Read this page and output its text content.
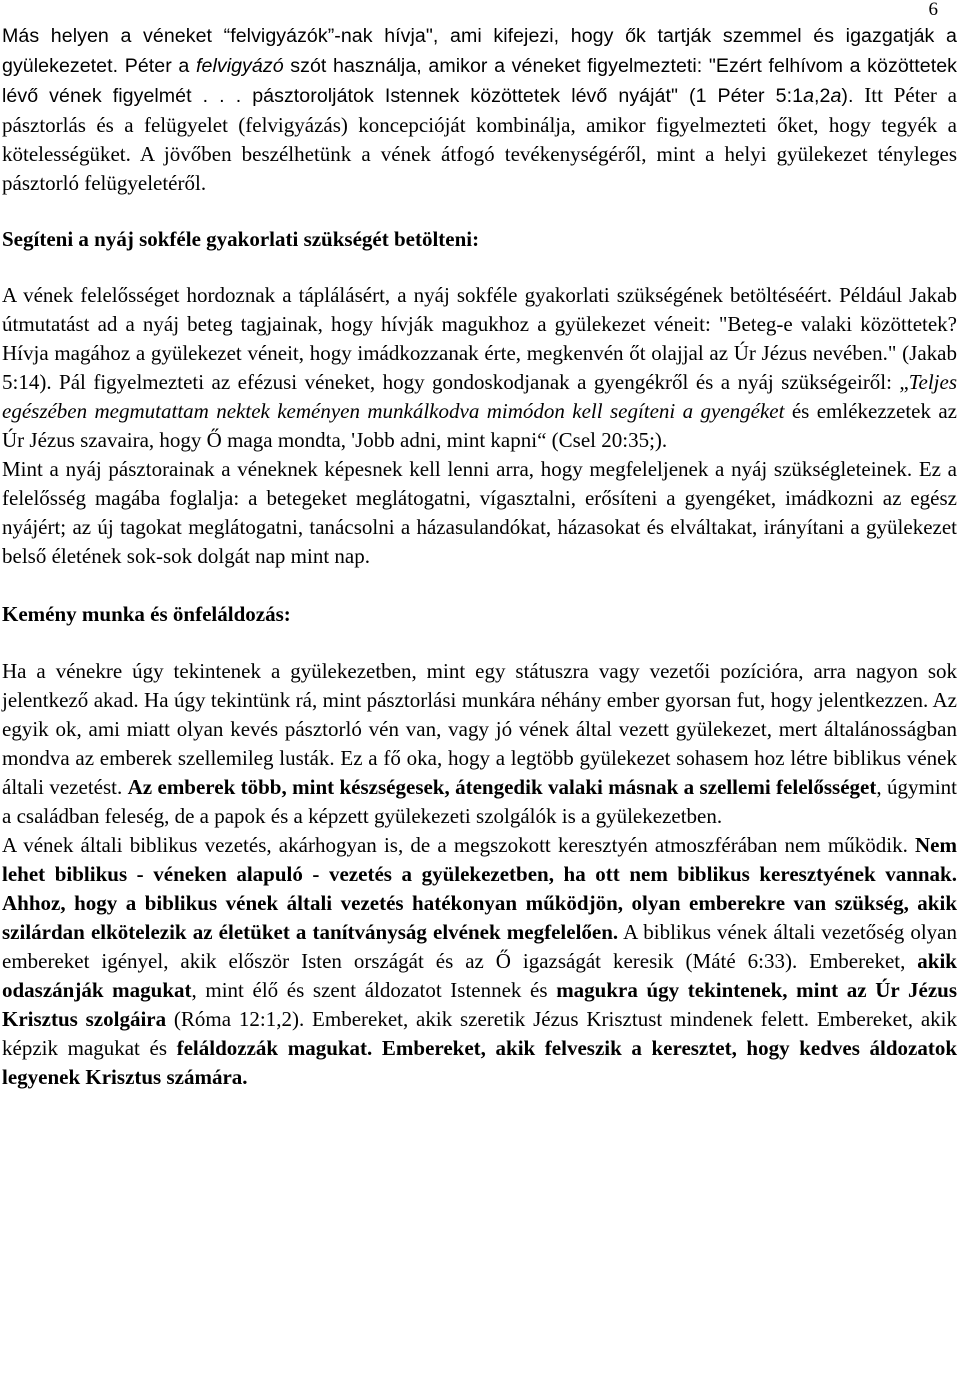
6

Más helyen a véneket “felvigyázók”-nak hívja", ami kifejezi, hogy ők tartják szemmel és igazgatják a gyülekezetet. Péter a felvigyázó szót használja, amikor a véneket figyelmezteti: "Ezért felhívom a közöttetek lévő vének figyelmét . . . pásztoroljátok Istennek közöttetek lévő nyáját" (1 Péter 5:1a,2a). Itt Péter a pásztorlás és a felügyelet (felvigyázás) koncepcióját kombinálja, amikor figyelmezteti őket, hogy tegyék a kötelességüket. A jövőben beszélhetünk a vének átfogó tevékenységéről, mint a helyi gyülekezet tényleges pásztorló felügyeletéről.

Segíteni a nyáj sokféle gyakorlati szükségét betölteni:

A vének felelősséget hordoznak a táplálásért, a nyáj sokféle gyakorlati szükségének betöltéséért. Például Jakab útmutatást ad a nyáj beteg tagjainak, hogy hívják magukhoz a gyülekezet véneit: "Beteg-e valaki közöttetek? Hívja magához a gyülekezet véneit, hogy imádkozzanak érte, megkenvén őt olajjal az Úr Jézus nevében." (Jakab 5:14). Pál figyelmezteti az efézusi véneket, hogy gondoskodjanak a gyengékről és a nyáj szükségeiről: „Teljes egészében megmutattam nektek keményen munkálkodva mimódon kell segíteni a gyengéket és emlékezzetek az Úr Jézus szavaira, hogy Ő maga mondta, 'Jobb adni, mint kapni“ (Csel 20:35;).

Mint a nyáj pásztorainak a véneknek képesnek kell lenni arra, hogy megfeleljenek a nyáj szükségleteinek. Ez a felelősség magába foglalja: a betegeket meglátogatni, vígasztalni, erősíteni a gyengéket, imádkozni az egész nyájért; az új tagokat meglátogatni, tanácsolni a házasulandókat, házasokat és elváltakat, irányítani a gyülekezet belső életének sok-sok dolgát nap mint nap.

Kemény munka és önfeláldozás:

Ha a vénekre úgy tekintenek a gyülekezetben, mint egy státuszra vagy vezetői pozícióra, arra nagyon sok jelentkező akad. Ha úgy tekintünk rá, mint pásztorlási munkára néhány ember gyorsan fut, hogy jelentkezzen. Az egyik ok, ami miatt olyan kevés pásztorló vén van, vagy jó vének által vezett gyülekezet, mert általánosságban mondva az emberek szellemileg lusták. Ez a fő oka, hogy a legtöbb gyülekezet sohasem hoz létre biblikus vének általi vezetést. Az emberek több, mint készségesek, átengedik valaki másnak a szellemi felelősséget, úgymint a családban feleség, de a papok és a képzett gyülekezeti szolgálók is a gyülekezetben.

A vének általi biblikus vezetés, akárhogyan is, de a megszokott keresztyén atmoszférában nem működik. Nem lehet biblikus - véneken alapuló - vezetés a gyülekezetben, ha ott nem biblikus keresztyének vannak. Ahhoz, hogy a biblikus vének általi vezetés hatékonyan működjön, olyan emberekre van szükség, akik szilárdan elkötelezik az életüket a tanítványság elvének megfelelően. A biblikus vének általi vezetőség olyan embereket igényel, akik először Isten országát és az Ő igazságát keresik (Máté 6:33). Embereket, akik odaszánják magukat, mint élő és szent áldozatot Istennek és magukra úgy tekintenek, mint az Úr Jézus Krisztus szolgáira (Róma 12:1,2). Embereket, akik szeretik Jézus Krisztust mindenek felett. Embereket, akik képzik magukat és feláldozzák magukat. Embereket, akik felveszik a keresztet, hogy kedves áldozatok legyenek Krisztus számára.
